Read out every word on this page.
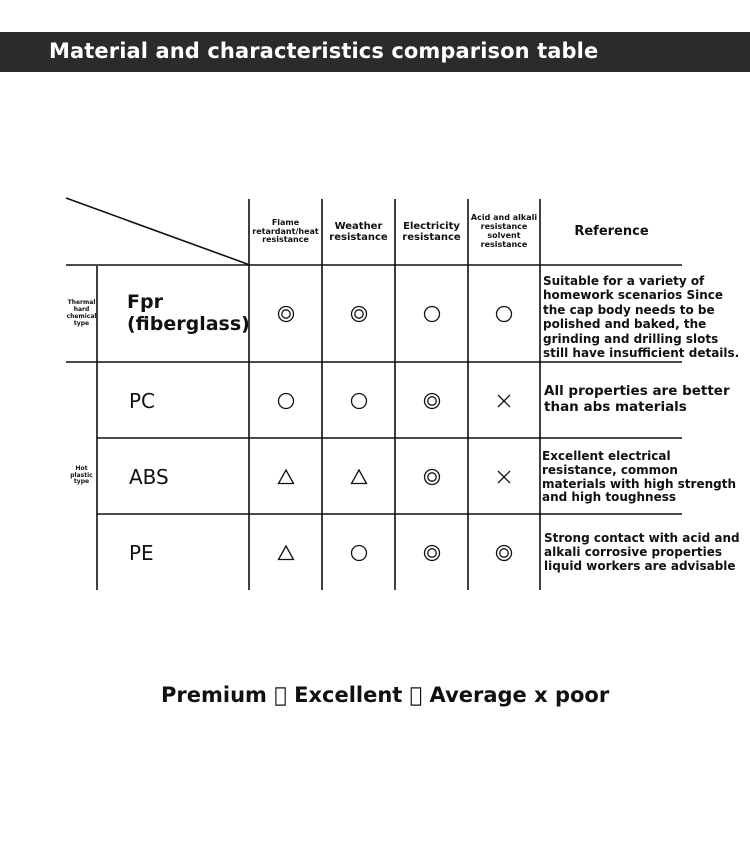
Material and characteristics comparison table
Flame retardant/heat resistance
Weather resistance
Electricity resistance
Acid and alkali resistance solvent resistance
Reference
Thermal hard chemical type
Hot plastic type
Fpr (fiberglass)
PC
ABS
PE
Suitable for a variety of homework scenarios Since the cap body needs to be polished and baked, the grinding and drilling slots still have insufficient details.
All properties are better than abs materials
Excellent electrical resistance, common materials with high strength and high toughness
Strong contact with acid and alkali corrosive properties liquid workers are advisable
Premium   Excellent   Average x poor
